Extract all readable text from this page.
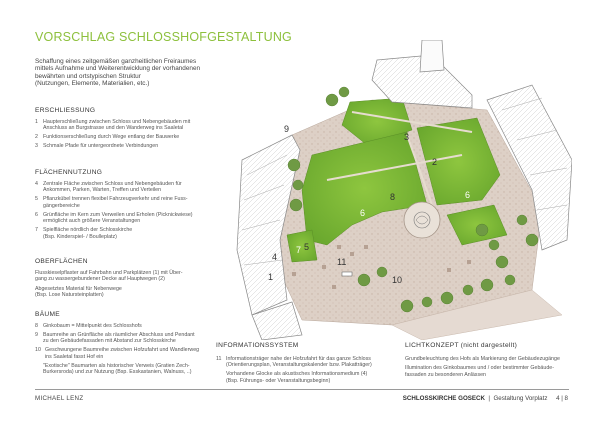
VORSCHLAG SCHLOSSHOFGESTALTUNG
Schaffung eines zeitgemäßen ganzheitlichen Freiraumes
mittels Aufnahme und Weiterentwicklung der vorhandenen
bewährten und ortstypischen Struktur
(Nutzungen, Elemente, Materialien, etc.)
ERSCHLIESSUNG
1 Haupterschließung zwischen Schloss und Nebengebäuden mit
Anschluss an Burgstrasse und den Wanderweg ins Saaletal
2 Funktionserschließung durch Wege entlang der Bauwerke
3 Schmale Pfade für untergeordnete Verbindungen
FLÄCHENNUTZUNG
4 Zentrale Fläche zwischen Schloss und Nebengebäuden für
Ankommen, Parken, Warten, Treffen und Verteilen
5 Pflanzkübel trennen flexibel Fahrzeugverkehr und reine Fuss-
gängerbereiche
6 Grünfläche im Kern zum Verweilen und Erholen (Picknickwiese)
ermöglicht auch größere Veranstaltungen
7 Spielfläche nördlich der Schlosskirche
(Bsp. Kinderspiel- / Boulleplatz)
OBERFLÄCHEN
Flusskieselpflaster auf Fahrbahn und Parkplätzen (1) mit Über-
gang zu wassergebundener Decke auf Hauptwegen (2)
Abgesetztes Material für Nebenwege
(Bsp. Lose Natursteinplatten)
BÄUME
8 Ginkobaum = Mittelpunkt des Schlosshofs
9 Baumreihe an Grünfläche als räumlicher Abschluss und Pendant
zu den Gebäudefassaden mit Abstand zur Schlosskirche
10 Geschwungene Baumreihe zwischen Hofzufahrt und Wandlerweg
ins Saaletal fasst Hof ein
"Exotische" Baumarten als historischer Verweis (Gratien Zech-
Burkersroda) und zur Nutzung (Bsp. Esskastanien, Walnuss, ..)
INFORMATIONSSYSTEM
11 Informationsträger nahe der Hofzufahrt für das ganze Schloss
(Orientierungsplan, Veranstaltungskalender bzw. Plakatträger)
Vorhandene Glocke als akustisches Informationsmedium (4)
(Bsp. Führungs- oder Veranstaltungsbeginn)
LICHTKONZEPT (nicht dargestellt)
Grundbeleuchtung des Hofs als Markierung der Gebäudezugänge
Illumination des Ginkobaumes und / oder bestimmter Gebäude-
fassaden zu besonderen Anlässen
MICHAEL LENZ	SCHLOSSKIRCHE GOSECK  |  Gestaltung Vorplatz 4 | 8
9
3
2
6
6
8
5
7
4
1
11
10
